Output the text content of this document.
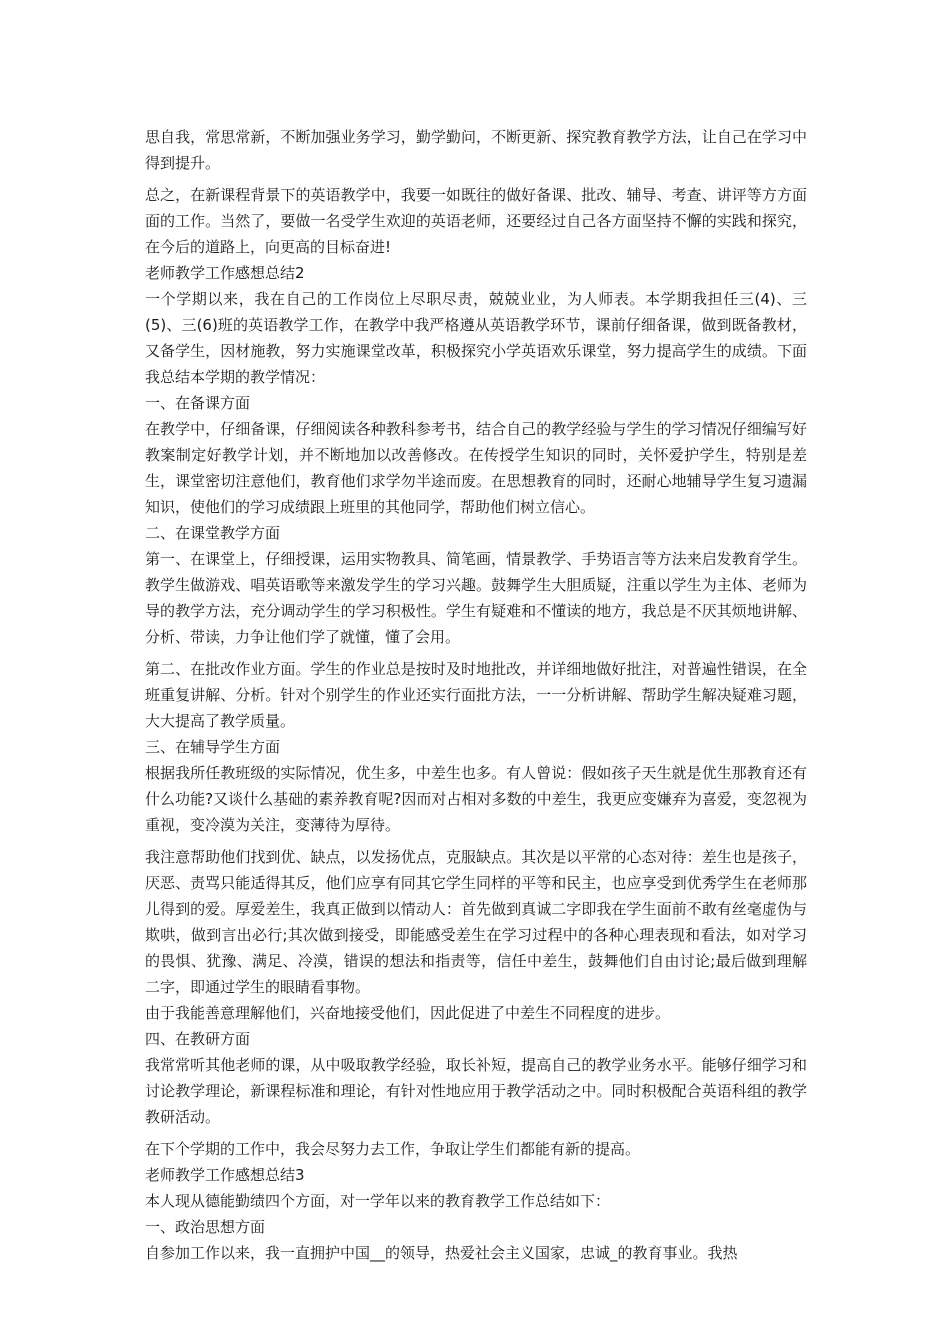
思自我，常思常新，不断加强业务学习，勤学勤问，不断更新、探究教育教学方法，让自己在学习中得到提升。

总之，在新课程背景下的英语教学中，我要一如既往的做好备课、批改、辅导、考查、讲评等方方面面的工作。当然了，要做一名受学生欢迎的英语老师，还要经过自己各方面坚持不懈的实践和探究，在今后的道路上，向更高的目标奋进!

老师教学工作感想总结2

一个学期以来，我在自己的工作岗位上尽职尽责，兢兢业业，为人师表。本学期我担任三(4)、三(5)、三(6)班的英语教学工作，在教学中我严格遵从英语教学环节，课前仔细备课，做到既备教材，又备学生，因材施教，努力实施课堂改革，积极探究小学英语欢乐课堂，努力提高学生的成绩。下面我总结本学期的教学情况：

一、在备课方面

在教学中，仔细备课，仔细阅读各种教科参考书，结合自己的教学经验与学生的学习情况仔细编写好教案制定好教学计划，并不断地加以改善修改。在传授学生知识的同时，关怀爱护学生，特别是差生，课堂密切注意他们，教育他们求学勿半途而废。在思想教育的同时，还耐心地辅导学生复习遗漏知识，使他们的学习成绩跟上班里的其他同学，帮助他们树立信心。

二、在课堂教学方面

第一、在课堂上，仔细授课，运用实物教具、简笔画，情景教学、手势语言等方法来启发教育学生。教学生做游戏、唱英语歌等来激发学生的学习兴趣。鼓舞学生大胆质疑，注重以学生为主体、老师为导的教学方法，充分调动学生的学习积极性。学生有疑难和不懂读的地方，我总是不厌其烦地讲解、分析、带读，力争让他们学了就懂，懂了会用。

第二、在批改作业方面。学生的作业总是按时及时地批改，并详细地做好批注，对普遍性错误，在全班重复讲解、分析。针对个别学生的作业还实行面批方法，一一分析讲解、帮助学生解决疑难习题，大大提高了教学质量。

三、在辅导学生方面

根据我所任教班级的实际情况，优生多，中差生也多。有人曾说：假如孩子天生就是优生那教育还有什么功能?又谈什么基础的素养教育呢?因而对占相对多数的中差生，我更应变嫌弃为喜爱，变忽视为重视，变冷漠为关注，变薄待为厚待。

我注意帮助他们找到优、缺点，以发扬优点，克服缺点。其次是以平常的心态对待：差生也是孩子，厌恶、责骂只能适得其反，他们应享有同其它学生同样的平等和民主，也应享受到优秀学生在老师那儿得到的爱。厚爱差生，我真正做到以情动人：首先做到真诚二字即我在学生面前不敢有丝毫虚伪与欺哄，做到言出必行;其次做到接受，即能感受差生在学习过程中的各种心理表现和看法，如对学习的畏惧、犹豫、满足、冷漠，错误的想法和指责等，信任中差生，鼓舞他们自由讨论;最后做到理解二字，即通过学生的眼睛看事物。

由于我能善意理解他们，兴奋地接受他们，因此促进了中差生不同程度的进步。

四、在教研方面

我常常听其他老师的课，从中吸取教学经验，取长补短，提高自己的教学业务水平。能够仔细学习和讨论教学理论，新课程标准和理论，有针对性地应用于教学活动之中。同时积极配合英语科组的教学教研活动。

在下个学期的工作中，我会尽努力去工作，争取让学生们都能有新的提高。

老师教学工作感想总结3

本人现从德能勤绩四个方面，对一学年以来的教育教学工作总结如下：

一、政治思想方面

自参加工作以来，我一直拥护中国__的领导，热爱社会主义国家，忠诚_的教育事业。我热
